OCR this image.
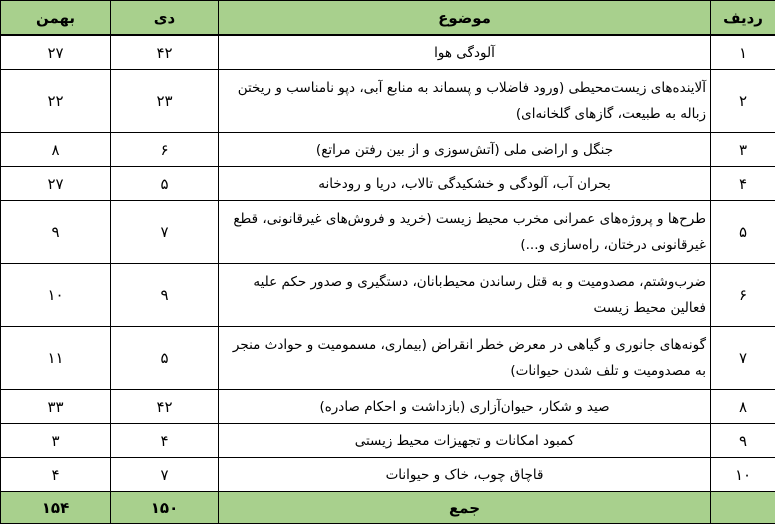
ردیف	موضوع	دی	بهمن
۱	آلودگی هوا	۴۲	۲۷
۲	آلاینده‌های زیست‌محیطی (ورود فاضلاب و پسماند به منابع آبی، دپو نامناسب و ریختن زباله به طبیعت، گازهای گلخانه‌ای)	۲۳	۲۲
۳	جنگل و اراضی ملی (آتش‌سوزی و از بین رفتن مراتع)	۶	۸
۴	بحران آب، آلودگی و خشکیدگی تالاب، دریا و رودخانه	۵	۲۷
۵	طرح‌ها و پروژه‌های عمرانی مخرب محیط زیست (خرید و فروش‌های غیرقانونی، قطع غیرقانونی درختان، راه‌سازی و...)	۷	۹
۶	ضرب‌وشتم، مصدومیت و به قتل رساندن محیط‌بانان، دستگیری و صدور حکم علیه فعالین محیط زیست	۹	۱۰
۷	گونه‌های جانوری و گیاهی در معرض خطر انقراض (بیماری، مسمومیت و حوادث منجر به مصدومیت و تلف شدن حیوانات)	۵	۱۱
۸	صید و شکار، حیوان‌آزاری (بازداشت و احکام صادره)	۴۲	۳۳
۹	کمبود امکانات و تجهیزات محیط زیستی	۴	۳
۱۰	قاچاق چوب، خاک و حیوانات	۷	۴
	جمع	۱۵۰	۱۵۴
